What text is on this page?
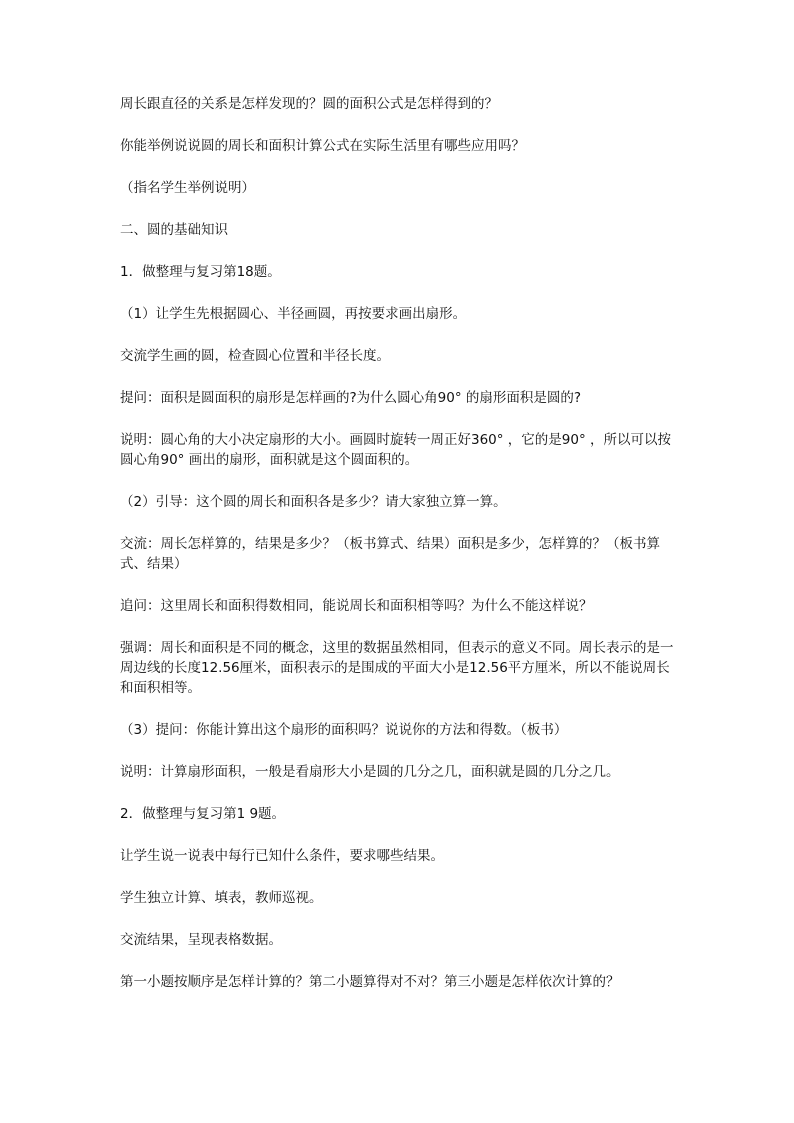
周长跟直径的关系是怎样发现的？圆的面积公式是怎样得到的？

你能举例说说圆的周长和面积计算公式在实际生活里有哪些应用吗？

（指名学生举例说明）

二、圆的基础知识

1．做整理与复习第18题。

（1）让学生先根据圆心、半径画圆，再按要求画出扇形。

交流学生画的圆，检查圆心位置和半径长度。

提问：面积是圆面积的扇形是怎样画的?为什么圆心角90° 的扇形面积是圆的?

说明：圆心角的大小决定扇形的大小。画圆时旋转一周正好360° ，它的是90° ，所以可以按圆心角90° 画出的扇形，面积就是这个圆面积的。

（2）引导：这个圆的周长和面积各是多少？请大家独立算一算。

交流：周长怎样算的，结果是多少？（板书算式、结果）面积是多少，怎样算的？（板书算式、结果）

追问：这里周长和面积得数相同，能说周长和面积相等吗？为什么不能这样说？

强调：周长和面积是不同的概念，这里的数据虽然相同，但表示的意义不同。周长表示的是一周边线的长度12.56厘米，面积表示的是围成的平面大小是12.56平方厘米，所以不能说周长和面积相等。

（3）提问：你能计算出这个扇形的面积吗？说说你的方法和得数。（板书）

说明：计算扇形面积，一般是看扇形大小是圆的几分之几，面积就是圆的几分之几。

2．做整理与复习第1 9题。

让学生说一说表中每行已知什么条件，要求哪些结果。

学生独立计算、填表，教师巡视。

交流结果，呈现表格数据。

第一小题按顺序是怎样计算的？第二小题算得对不对？第三小题是怎样依次计算的？
